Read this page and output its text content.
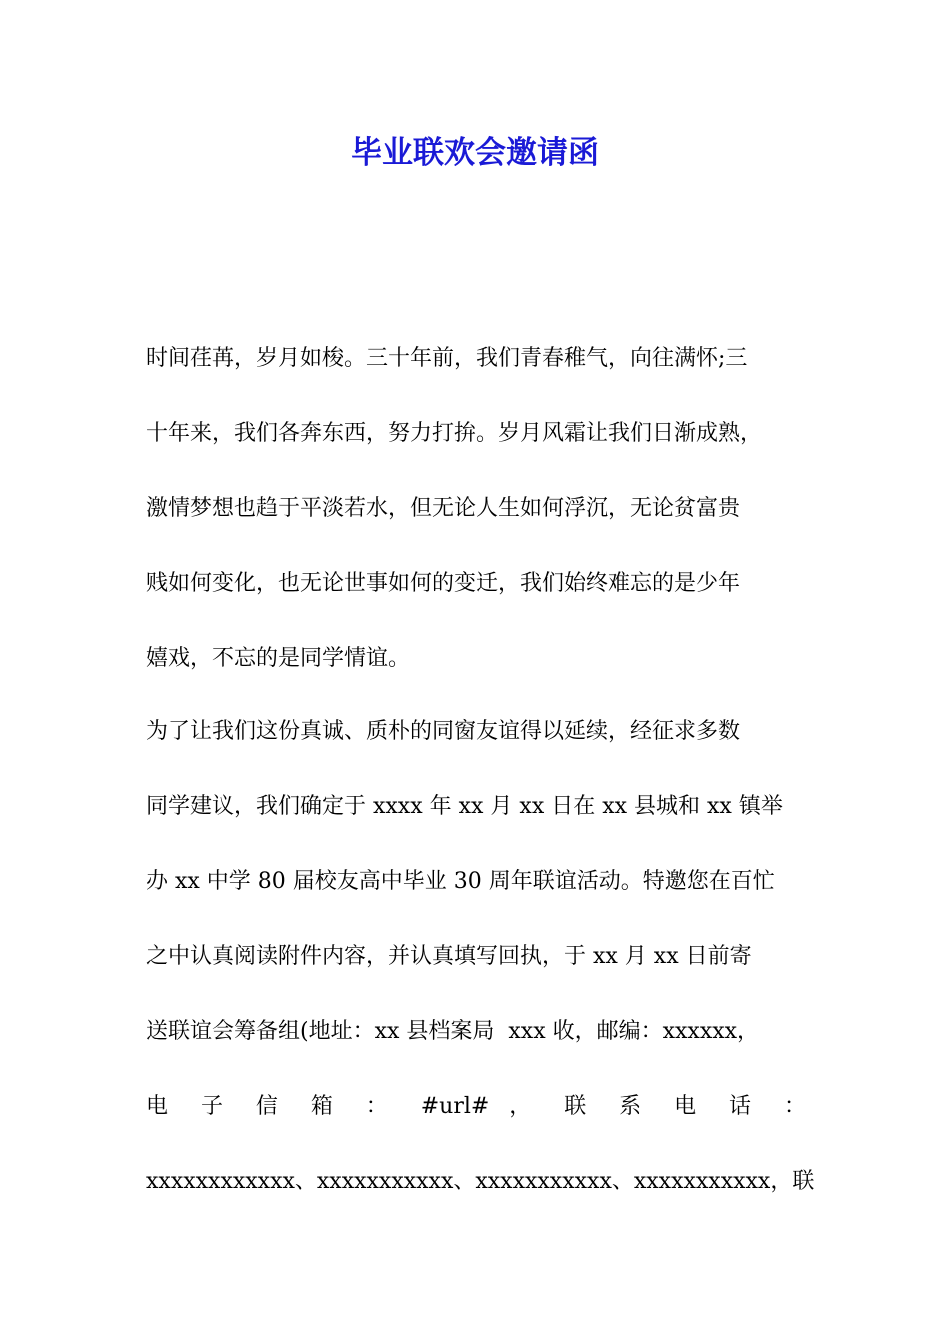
毕业联欢会邀请函
时间荏苒，岁月如梭。三十年前，我们青春稚气，向往满怀;三
十年来，我们各奔东西，努力打拚。岁月风霜让我们日渐成熟，
激情梦想也趋于平淡若水，但无论人生如何浮沉，无论贫富贵
贱如何变化，也无论世事如何的变迁，我们始终难忘的是少年
嬉戏，不忘的是同学情谊。
为了让我们这份真诚、质朴的同窗友谊得以延续，经征求多数
同学建议，我们确定于 xxxx 年 xx 月 xx 日在 xx 县城和 xx 镇举
办 xx 中学 80 届校友高中毕业 30 周年联谊活动。特邀您在百忙
之中认真阅读附件内容，并认真填写回执，于 xx 月 xx 日前寄
送联谊会筹备组(地址：xx 县档案局  xxx 收，邮编：xxxxxx，
电 子 信 箱 ： #url# ， 联 系 电 话 ：
xxxxxxxxxxxx、xxxxxxxxxxx、xxxxxxxxxxx、xxxxxxxxxxx，联
